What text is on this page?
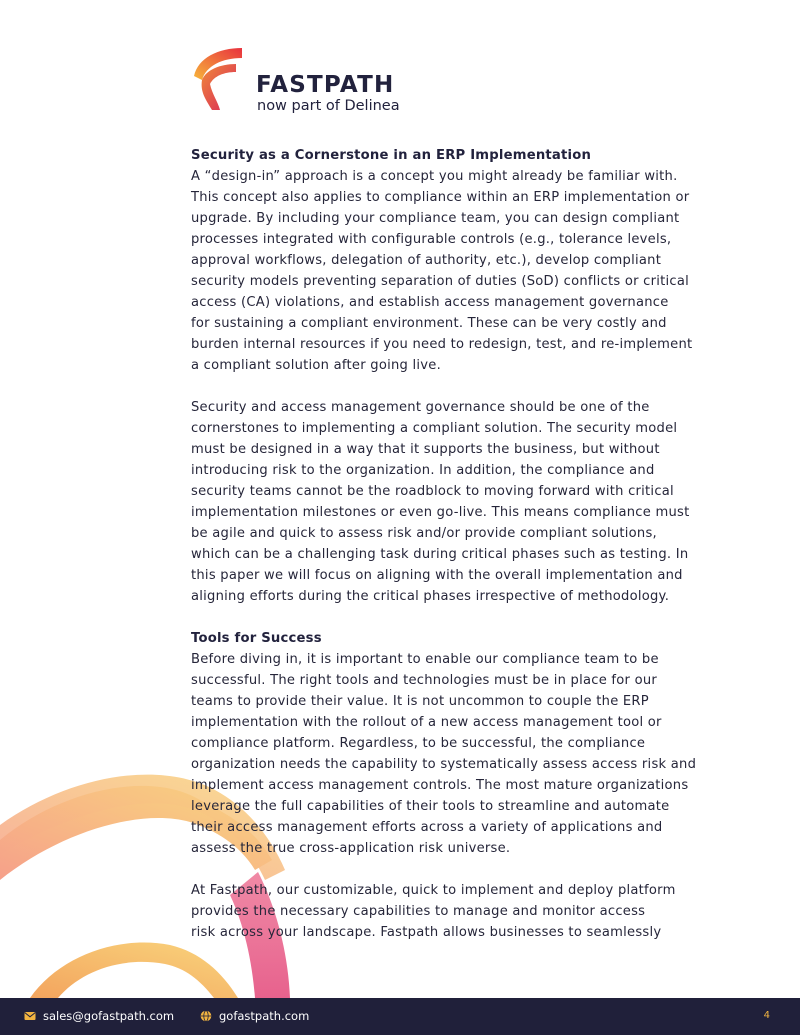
FASTPATH
now part of Delinea
Security as a Cornerstone in an ERP Implementation

A “design-in” approach is a concept you might already be familiar with.
This concept also applies to compliance within an ERP implementation or
upgrade. By including your compliance team, you can design compliant
processes integrated with configurable controls (e.g., tolerance levels,
approval workflows, delegation of authority, etc.), develop compliant
security models preventing separation of duties (SoD) conflicts or critical
access (CA) violations, and establish access management governance
for sustaining a compliant environment. These can be very costly and
burden internal resources if you need to redesign, test, and re-implement
a compliant solution after going live.

Security and access management governance should be one of the
cornerstones to implementing a compliant solution. The security model
must be designed in a way that it supports the business, but without
introducing risk to the organization. In addition, the compliance and
security teams cannot be the roadblock to moving forward with critical
implementation milestones or even go-live. This means compliance must
be agile and quick to assess risk and/or provide compliant solutions,
which can be a challenging task during critical phases such as testing. In
this paper we will focus on aligning with the overall implementation and
aligning efforts during the critical phases irrespective of methodology.

Tools for Success

Before diving in, it is important to enable our compliance team to be
successful. The right tools and technologies must be in place for our
teams to provide their value. It is not uncommon to couple the ERP
implementation with the rollout of a new access management tool or
compliance platform. Regardless, to be successful, the compliance
organization needs the capability to systematically assess access risk and
implement access management controls. The most mature organizations
leverage the full capabilities of their tools to streamline and automate
their access management efforts across a variety of applications and
assess the true cross-application risk universe.

At Fastpath, our customizable, quick to implement and deploy platform
provides the necessary capabilities to manage and monitor access
risk across your landscape. Fastpath allows businesses to seamlessly

sales@gofastpath.com	gofastpath.com	4
